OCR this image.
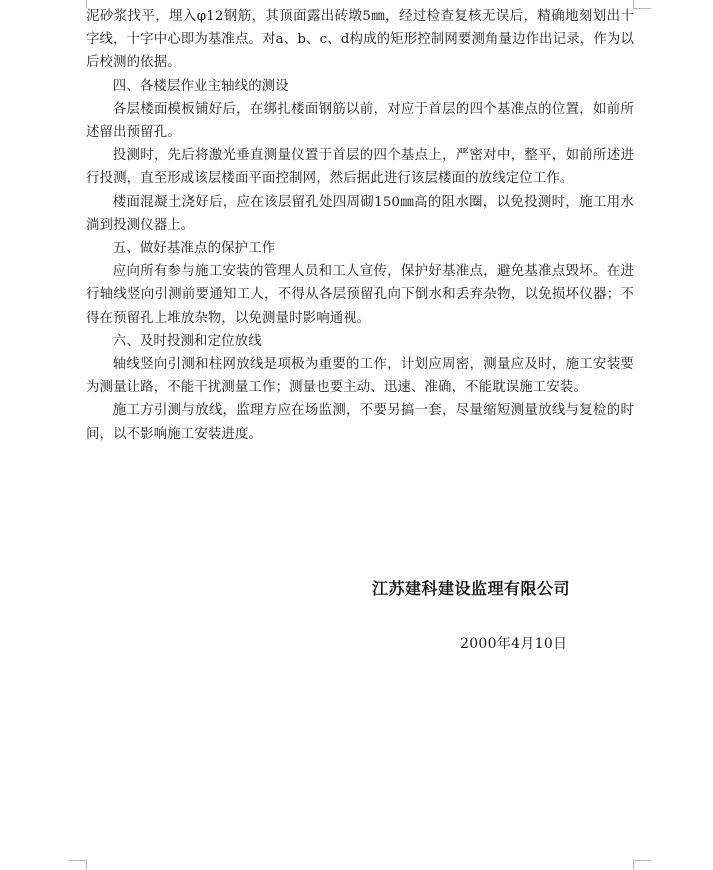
泥砂浆找平，埋入φ12钢筋，其顶面露出砖墩5㎜，经过检查复核无误后，精确地刻划出十字线，十字中心即为基准点。对a、b、c、d构成的矩形控制网要测角量边作出记录，作为以后校测的依据。

四、各楼层作业主轴线的测设

各层楼面模板铺好后，在绑扎楼面钢筋以前，对应于首层的四个基准点的位置，如前所述留出预留孔。

投测时，先后将激光垂直测量仪置于首层的四个基点上，严密对中，整平，如前所述进行投测，直至形成该层楼面平面控制网，然后据此进行该层楼面的放线定位工作。

楼面混凝土浇好后，应在该层留孔处四周砌150㎜高的阻水圈，以免投测时，施工用水淌到投测仪器上。

五、做好基准点的保护工作

应向所有参与施工安装的管理人员和工人宣传，保护好基准点，避免基准点毁坏。在进行轴线竖向引测前要通知工人，不得从各层预留孔向下倒水和丢弃杂物，以免损坏仪器；不得在预留孔上堆放杂物，以免测量时影响通视。

六、及时投测和定位放线

轴线竖向引测和柱网放线是项极为重要的工作，计划应周密，测量应及时，施工安装要为测量让路，不能干扰测量工作；测量也要主动、迅速、准确，不能耽误施工安装。

施工方引测与放线，监理方应在场监测，不要另搞一套，尽量缩短测量放线与复检的时间，以不影响施工安装进度。

江苏建科建设监理有限公司
2000年4月10日
